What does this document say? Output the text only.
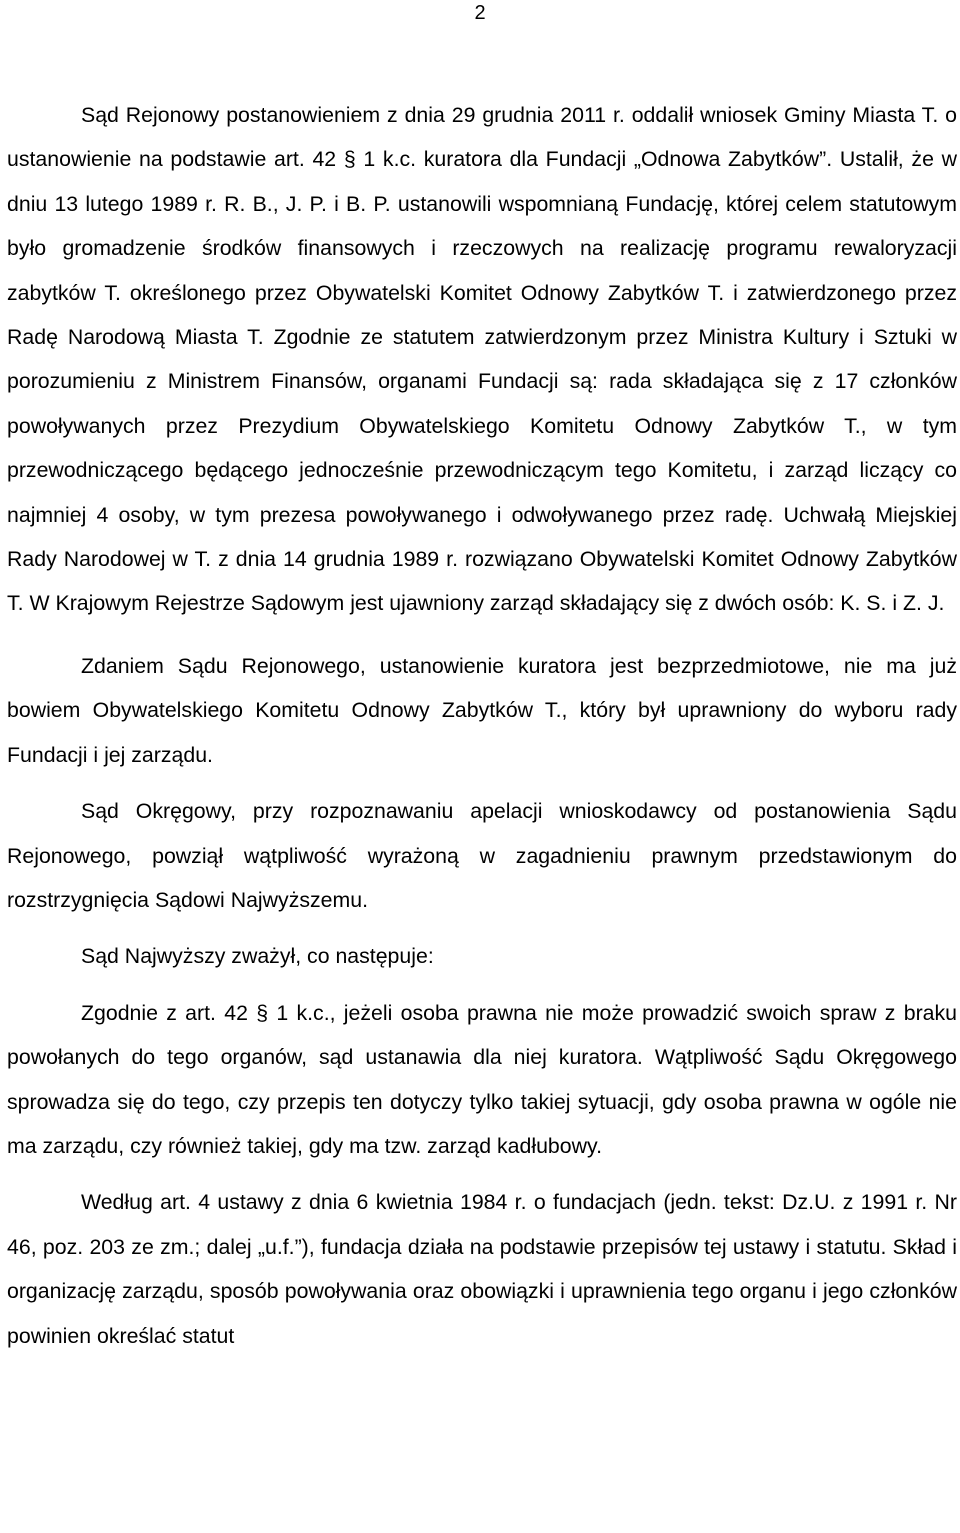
2

Sąd Rejonowy postanowieniem z dnia 29 grudnia 2011 r. oddalił wniosek Gminy Miasta T. o ustanowienie na podstawie art. 42 § 1 k.c. kuratora dla Fundacji „Odnowa Zabytków”. Ustalił, że w dniu 13 lutego 1989 r. R. B., J. P. i B. P. ustanowili wspomnianą Fundację, której celem statutowym było gromadzenie środków finansowych i rzeczowych na realizację programu rewaloryzacji zabytków T. określonego przez Obywatelski Komitet Odnowy Zabytków T. i zatwierdzonego przez Radę Narodową Miasta T. Zgodnie ze statutem zatwierdzonym przez Ministra Kultury i Sztuki w porozumieniu z Ministrem Finansów, organami Fundacji są: rada składająca się z 17 członków powoływanych przez Prezydium Obywatelskiego Komitetu Odnowy Zabytków T., w tym przewodniczącego będącego jednocześnie przewodniczącym tego Komitetu, i zarząd liczący co najmniej 4 osoby, w tym prezesa powoływanego i odwoływanego przez radę. Uchwałą Miejskiej Rady Narodowej w T. z dnia 14 grudnia 1989 r. rozwiązano Obywatelski Komitet Odnowy Zabytków T. W Krajowym Rejestrze Sądowym jest ujawniony zarząd składający się z dwóch osób: K. S. i Z. J.

Zdaniem Sądu Rejonowego, ustanowienie kuratora jest bezprzedmiotowe, nie ma już bowiem Obywatelskiego Komitetu Odnowy Zabytków T., który był uprawniony do wyboru rady Fundacji i jej zarządu.

Sąd Okręgowy, przy rozpoznawaniu apelacji wnioskodawcy od postanowienia Sądu Rejonowego, powziął wątpliwość wyrażoną w zagadnieniu prawnym przedstawionym do rozstrzygnięcia Sądowi Najwyższemu.

Sąd Najwyższy zważył, co następuje:

Zgodnie z art. 42 § 1 k.c., jeżeli osoba prawna nie może prowadzić swoich spraw z braku powołanych do tego organów, sąd ustanawia dla niej kuratora. Wątpliwość Sądu Okręgowego sprowadza się do tego, czy przepis ten dotyczy tylko takiej sytuacji, gdy osoba prawna w ogóle nie ma zarządu, czy również takiej, gdy ma tzw. zarząd kadłubowy.

Według art. 4 ustawy z dnia 6 kwietnia 1984 r. o fundacjach (jedn. tekst: Dz.U. z 1991 r. Nr 46, poz. 203 ze zm.; dalej „u.f.”), fundacja działa na podstawie przepisów tej ustawy i statutu. Skład i organizację zarządu, sposób powoływania oraz obowiązki i uprawnienia tego organu i jego członków powinien określać statut
